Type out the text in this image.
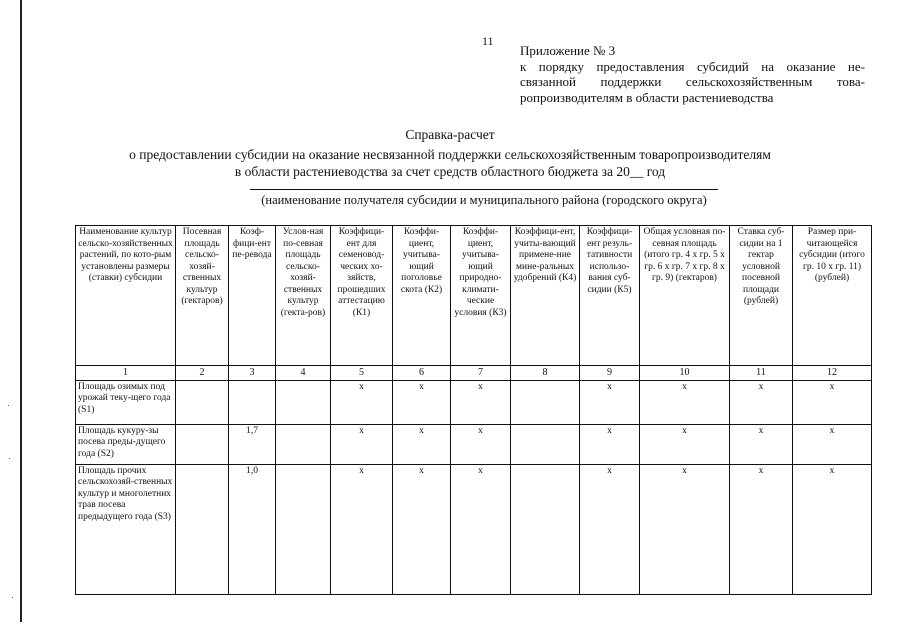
11
Приложение № 3
к порядку предоставления субсидий на оказание не-
связанной поддержки сельскохозяйственным това-
ропроизводителям в области растениеводства
Справка-расчет
о предоставлении субсидии на оказание несвязанной поддержки сельскохозяйственным товаропроизводителям
в области растениеводства за счет средств областного бюджета за 20__ год
(наименование получателя субсидии и муниципального района (городского округа)
Наименование культур сельско-хозяйственных растений, по кото-рым установлены размеры (ставки) субсидии	Посевная площадь сельско-хозяй-ственных культур (гектаров)	Коэф-фици-ент пе-ревода	Услов-ная по-севная площадь сельско-хозяй-ственных культур (гекта-ров)	Коэффици-ент для семеновод-ческих хо-зяйств, прошедших аттестацию (К1)	Коэффи-циент, учитыва-ющий поголовье скота (К2)	Коэффи-циент, учитыва-ющий природно-климати-ческие условия (К3)	Коэффици-ент, учиты-вающий примене-ние мине-ральных удобрений (К4)	Коэффици-ент резуль-тативности использо-вания суб-сидии (К5)	Общая условная по-севная площадь (итого гр. 4 х гр. 5 х гр. 6 х гр. 7 х гр. 8 х гр. 9) (гектаров)	Ставка суб-сидии на 1 гектар условной посевной площади (рублей)	Размер при-читающейся субсидии (итого гр. 10 х гр. 11) (рублей)
1	2	3	4	5	6	7	8	9	10	11	12
Площадь озимых под урожай теку-щего года (S1)				х	х	х		х	х	х	х
Площадь кукуру-зы посева преды-дущего года (S2)		1,7		х	х	х		х	х	х	х
Площадь прочих сельскохозяй-ственных культур и многолетних трав посева предыдущего года (S3)		1,0		х	х	х		х	х	х	х
